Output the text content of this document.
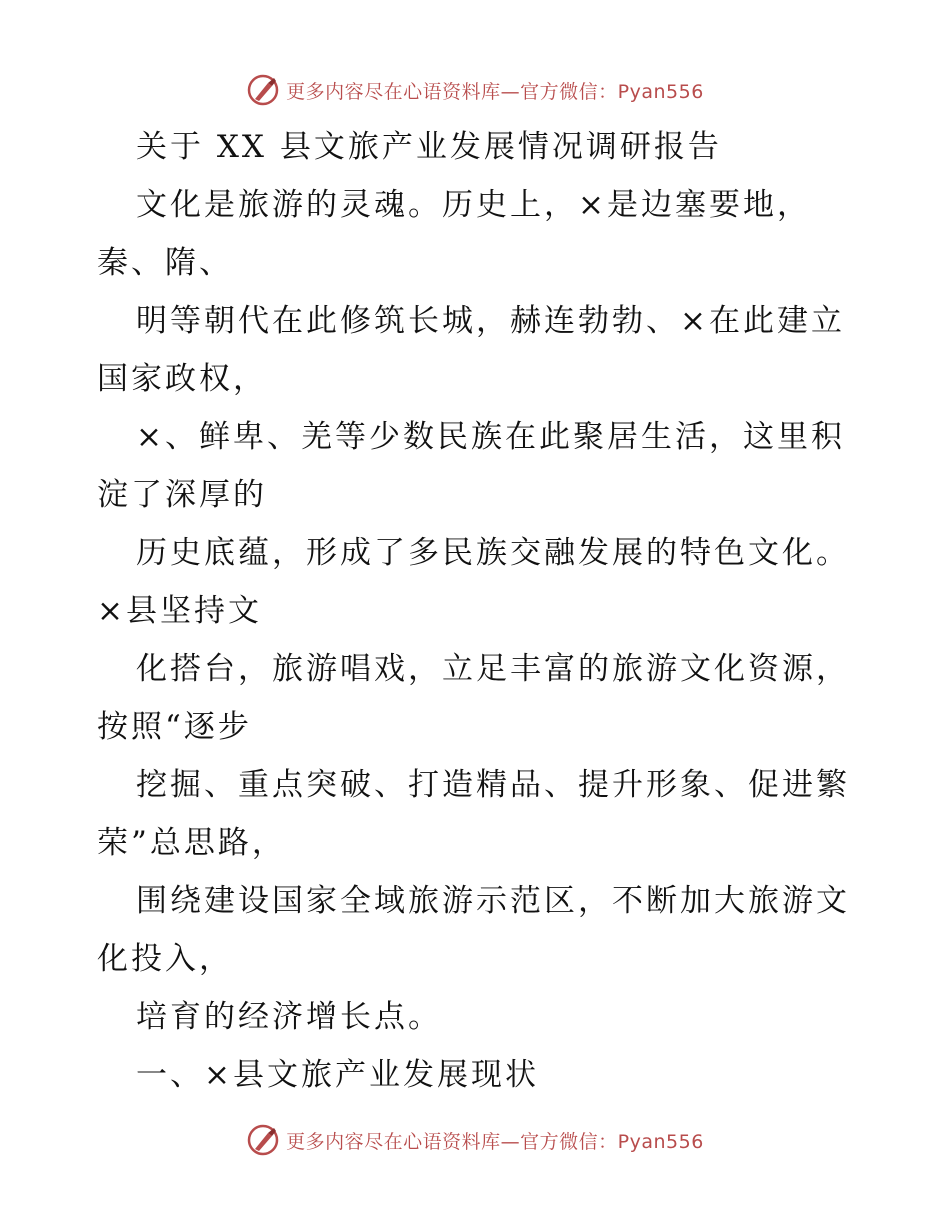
更多内容尽在心语资料库—官方微信：Pyan556
关于 XX 县文旅产业发展情况调研报告
文化是旅游的灵魂。历史上，×是边塞要地，
秦、隋、
明等朝代在此修筑长城，赫连勃勃、×在此建立
国家政权，
×、鲜卑、羌等少数民族在此聚居生活，这里积
淀了深厚的
历史底蕴，形成了多民族交融发展的特色文化。
×县坚持文
化搭台，旅游唱戏，立足丰富的旅游文化资源，
按照“逐步
挖掘、重点突破、打造精品、提升形象、促进繁
荣”总思路，
围绕建设国家全域旅游示范区，不断加大旅游文
化投入，
培育的经济增长点。
一、×县文旅产业发展现状
更多内容尽在心语资料库—官方微信：Pyan556
